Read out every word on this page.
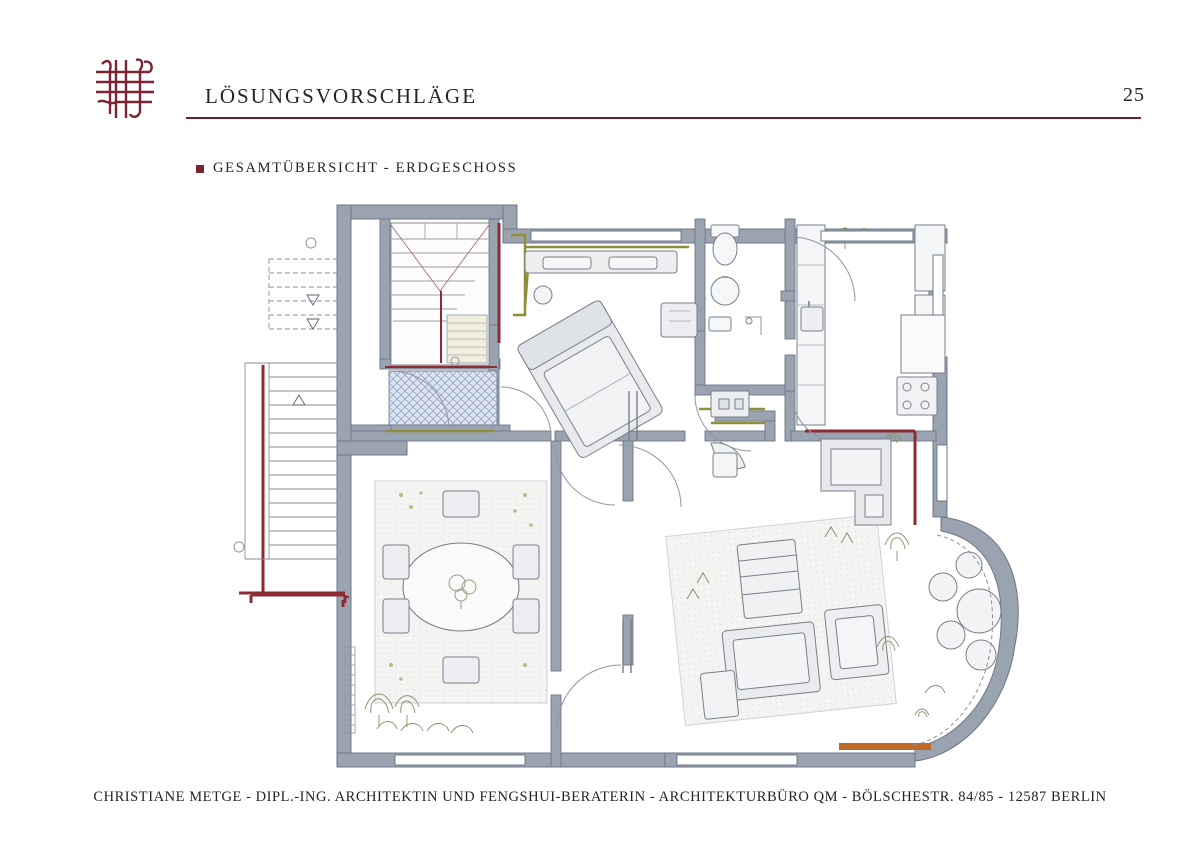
LÖSUNGSVORSCHLÄGE	25
GESAMTÜBERSICHT - ERDGESCHOSS
CHRISTIANE METGE - DIPL.-ING. ARCHITEKTIN UND FENGSHUI-BERATERIN - ARCHITEKTURBÜRO QM - BÖLSCHESTR. 84/85 - 12587 BERLIN
